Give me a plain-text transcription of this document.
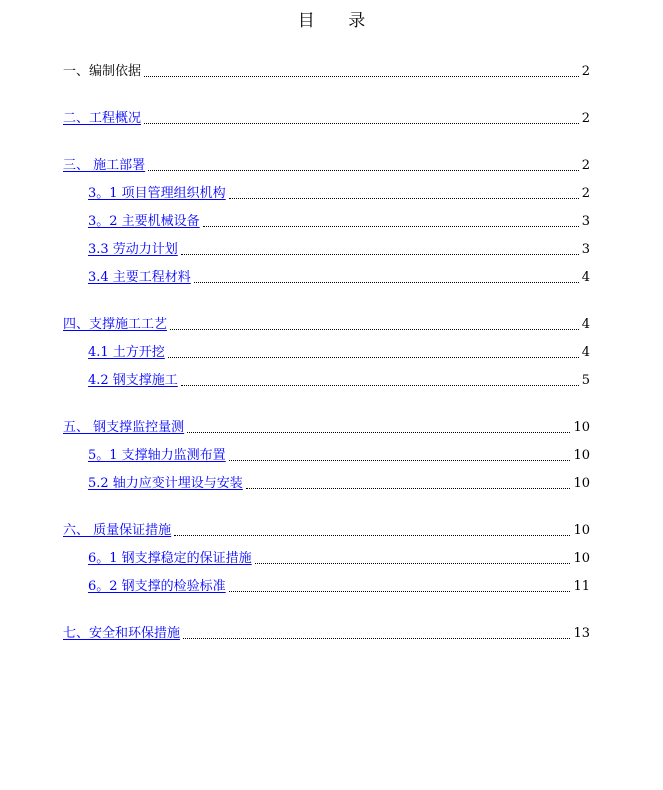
目 录
一、编制依据	2
二、工程概况	2
三、 施工部署	2
3。1 项目管理组织机构	2
3。2 主要机械设备	3
3.3 劳动力计划	3
3.4 主要工程材料	4
四、支撑施工工艺	4
4.1 土方开挖	4
4.2 钢支撑施工	5
五、 钢支撑监控量测	10
5。1 支撑轴力监测布置	10
5.2 轴力应变计埋设与安装	10
六、 质量保证措施	10
6。1 钢支撑稳定的保证措施	10
6。2 钢支撑的检验标准	11
七、安全和环保措施	13
